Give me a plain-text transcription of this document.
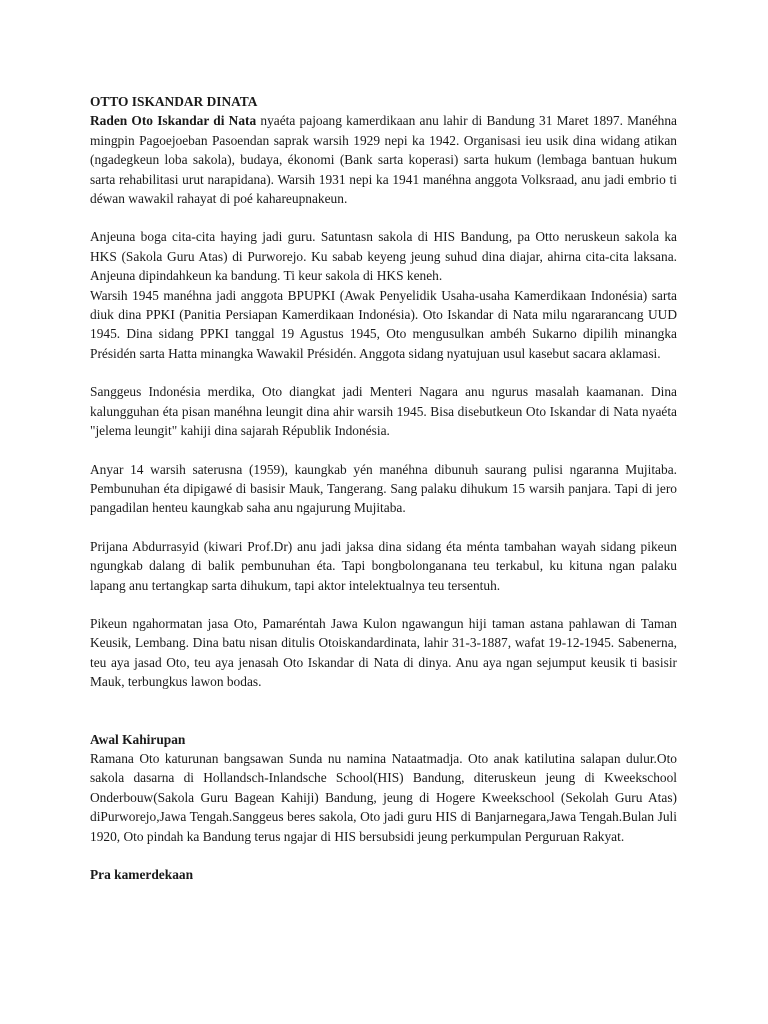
OTTO ISKANDAR DINATA

Raden Oto Iskandar di Nata nyaéta pajoang kamerdikaan anu lahir di Bandung 31 Maret 1897. Manéhna mingpin Pagoejoeban Pasoendan saprak warsih 1929 nepi ka 1942. Organisasi ieu usik dina widang atikan (ngadegkeun loba sakola), budaya, ékonomi (Bank sarta koperasi) sarta hukum (lembaga bantuan hukum sarta rehabilitasi urut narapidana). Warsih 1931 nepi ka 1941 manéhna anggota Volksraad, anu jadi embrio ti déwan wawakil rahayat di poé kahareupnakeun.

Anjeuna boga cita-cita haying jadi guru. Satuntasn sakola di HIS Bandung, pa Otto neruskeun sakola ka HKS (Sakola Guru Atas) di Purworejo. Ku sabab keyeng jeung suhud dina diajar, ahirna cita-cita laksana. Anjeuna dipindahkeun ka bandung. Ti keur sakola di HKS keneh.

Warsih 1945 manéhna jadi anggota BPUPKI (Awak Penyelidik Usaha-usaha Kamerdikaan Indonésia) sarta diuk dina PPKI (Panitia Persiapan Kamerdikaan Indonésia). Oto Iskandar di Nata milu ngararancang UUD 1945. Dina sidang PPKI tanggal 19 Agustus 1945, Oto mengusulkan ambéh Sukarno dipilih minangka Présidén sarta Hatta minangka Wawakil Présidén. Anggota sidang nyatujuan usul kasebut sacara aklamasi.

Sanggeus Indonésia merdika, Oto diangkat jadi Menteri Nagara anu ngurus masalah kaamanan. Dina kalungguhan éta pisan manéhna leungit dina ahir warsih 1945. Bisa disebutkeun Oto Iskandar di Nata nyaéta "jelema leungit" kahiji dina sajarah Républik Indonésia.

Anyar 14 warsih saterusna (1959), kaungkab yén manéhna dibunuh saurang pulisi ngaranna Mujitaba. Pembunuhan éta dipigawé di basisir Mauk, Tangerang. Sang palaku dihukum 15 warsih panjara. Tapi di jero pangadilan henteu kaungkab saha anu ngajurung Mujitaba.

Prijana Abdurrasyid (kiwari Prof.Dr) anu jadi jaksa dina sidang éta ménta tambahan wayah sidang pikeun ngungkab dalang di balik pembunuhan éta. Tapi bongbolonganana teu terkabul, ku kituna ngan palaku lapang anu tertangkap sarta dihukum, tapi aktor intelektualnya teu tersentuh.

Pikeun ngahormatan jasa Oto, Pamaréntah Jawa Kulon ngawangun hiji taman astana pahlawan di Taman Keusik, Lembang. Dina batu nisan ditulis Otoiskandardinata, lahir 31-3-1887, wafat 19-12-1945. Sabenerna, teu aya jasad Oto, teu aya jenasah Oto Iskandar di Nata di dinya. Anu aya ngan sejumput keusik ti basisir Mauk, terbungkus lawon bodas.

Awal Kahirupan

Ramana Oto katurunan bangsawan Sunda nu namina Nataatmadja. Oto anak katilutina salapan dulur.Oto sakola dasarna di Hollandsch-Inlandsche School(HIS) Bandung, diteruskeun jeung di Kweekschool Onderbouw(Sakola Guru Bagean Kahiji) Bandung, jeung di Hogere Kweekschool (Sekolah Guru Atas) diPurworejo,Jawa Tengah.Sanggeus beres sakola, Oto jadi guru HIS di Banjarnegara,Jawa Tengah.Bulan Juli 1920, Oto pindah ka Bandung terus ngajar di HIS bersubsidi jeung perkumpulan Perguruan Rakyat.

Pra kamerdekaan
